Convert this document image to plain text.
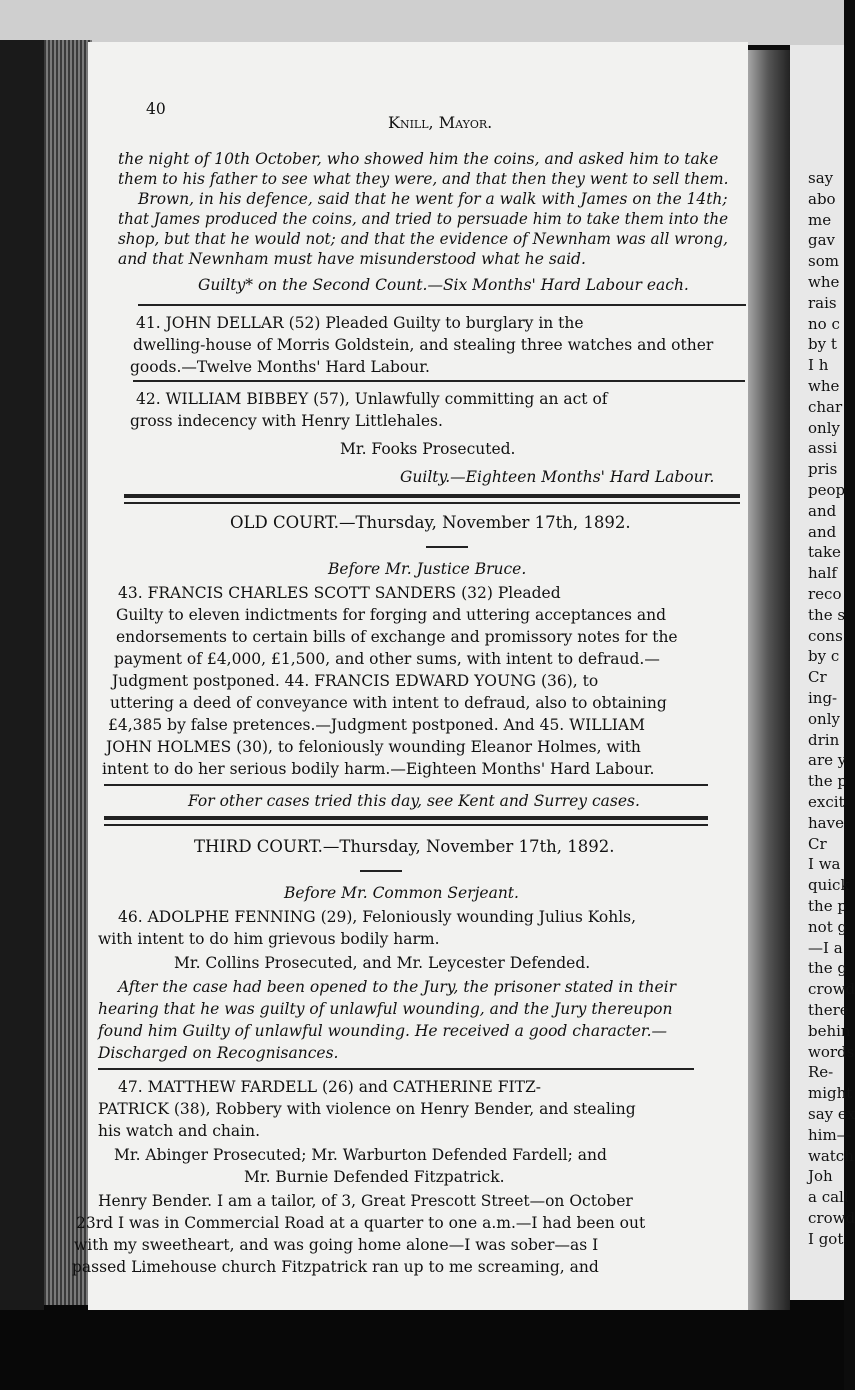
40
Knill, Mayor.
the night of 10th October, who showed him the coins, and asked him to take
them to his father to see what they were, and that then they went to sell them.
Brown, in his defence, said that he went for a walk with James on the 14th;
that James produced the coins, and tried to persuade him to take them into the
shop, but that he would not; and that the evidence of Newnham was all wrong,
and that Newnham must have misunderstood what he said.
Guilty* on the Second Count.—Six Months' Hard Labour each.
41. JOHN DELLAR (52) Pleaded Guilty to burglary in the
dwelling-house of Morris Goldstein, and stealing three watches and other
goods.—Twelve Months' Hard Labour.
42. WILLIAM BIBBEY (57), Unlawfully committing an act of
gross indecency with Henry Littlehales.
Mr. Fooks Prosecuted.
Guilty.—Eighteen Months' Hard Labour.
OLD COURT.—Thursday, November 17th, 1892.
Before Mr. Justice Bruce.
43. FRANCIS CHARLES SCOTT SANDERS (32) Pleaded
Guilty to eleven indictments for forging and uttering acceptances and
endorsements to certain bills of exchange and promissory notes for the
payment of £4,000, £1,500, and other sums, with intent to defraud.—
Judgment postponed. 44. FRANCIS EDWARD YOUNG (36), to
uttering a deed of conveyance with intent to defraud, also to obtaining
£4,385 by false pretences.—Judgment postponed. And 45. WILLIAM
JOHN HOLMES (30), to feloniously wounding Eleanor Holmes, with
intent to do her serious bodily harm.—Eighteen Months' Hard Labour.
For other cases tried this day, see Kent and Surrey cases.
THIRD COURT.—Thursday, November 17th, 1892.
Before Mr. Common Serjeant.
46. ADOLPHE FENNING (29), Feloniously wounding Julius Kohls,
with intent to do him grievous bodily harm.
Mr. Collins Prosecuted, and Mr. Leycester Defended.
After the case had been opened to the Jury, the prisoner stated in their
hearing that he was guilty of unlawful wounding, and the Jury thereupon
found him Guilty of unlawful wounding. He received a good character.—
Discharged on Recognisances.
47. MATTHEW FARDELL (26) and CATHERINE FITZ-
PATRICK (38), Robbery with violence on Henry Bender, and stealing
his watch and chain.
Mr. Abinger Prosecuted; Mr. Warburton Defended Fardell; and
Mr. Burnie Defended Fitzpatrick.
Henry Bender. I am a tailor, of 3, Great Prescott Street—on October
23rd I was in Commercial Road at a quarter to one a.m.—I had been out
with my sweetheart, and was going home alone—I was sober—as I
passed Limehouse church Fitzpatrick ran up to me screaming, and
say
abo
me
gav
som
whe
rais
no c
by t
I h
whe
char
only
assi
pris
peop
and
and
take
half
reco
the s
cons
by c
Cr
ing-
only
drin
are y
the p
excit
have
Cr
I wa
quick
the p
not g
—I a
the g
crowd
there
behin
words
Re-
might
say ex
him—
watch
Joh
a call
crowd
I got
